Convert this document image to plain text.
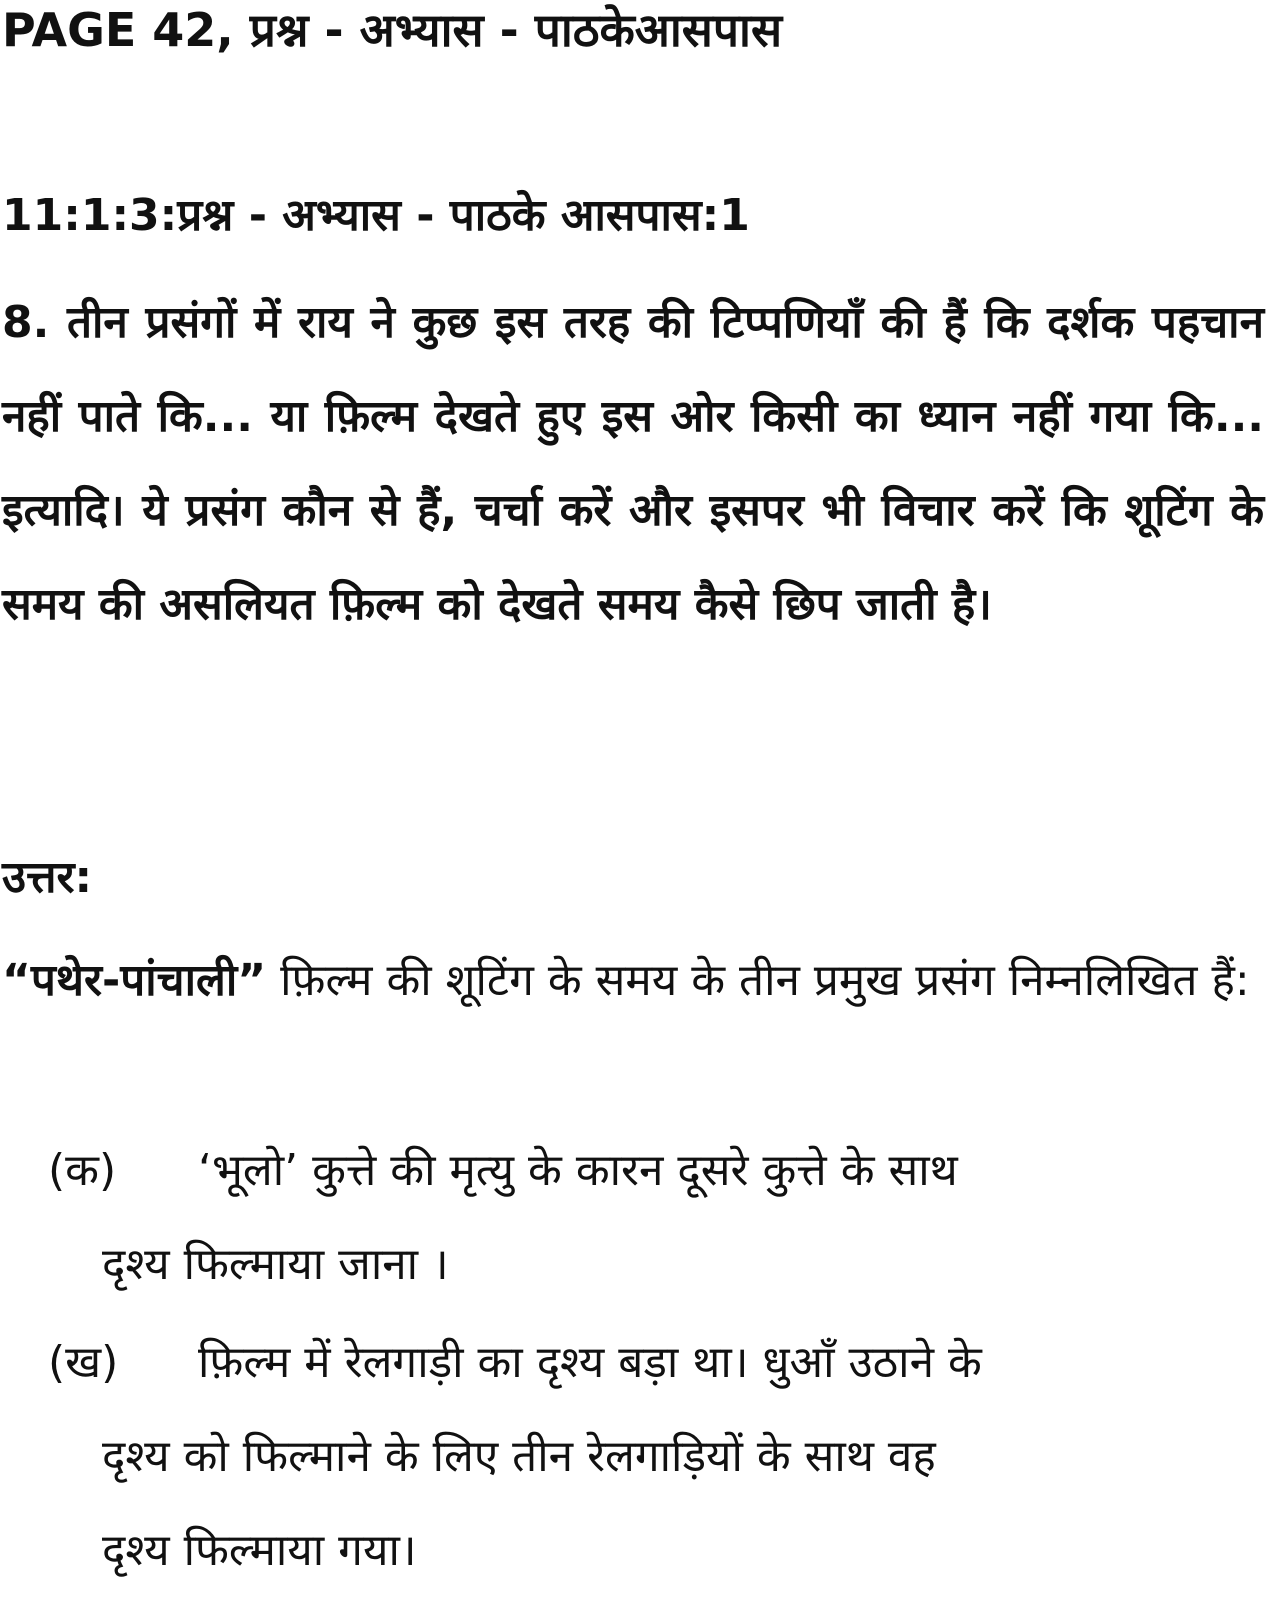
PAGE 42, प्रश्न - अभ्यास - पाठकेआसपास
11:1:3:प्रश्न - अभ्यास - पाठके आसपास:1

8. तीन प्रसंगों में राय ने कुछ इस तरह की टिप्पणियाँ की हैं कि दर्शक पहचान नहीं पाते कि... या फ़िल्म देखते हुए इस ओर किसी का ध्यान नहीं गया कि... इत्यादि। ये प्रसंग कौन से हैं, चर्चा करें और इसपर भी विचार करें कि शूटिंग के समय की असलियत फ़िल्म को देखते समय कैसे छिप जाती है।

उत्तर:

“पथेर-पांचाली” फ़िल्म की शूटिंग के समय के तीन प्रमुख प्रसंग निम्नलिखित हैं:

(क) ‘भूलो’ कुत्ते की मृत्यु के कारन दूसरे कुत्ते के साथ
दृश्य फिल्माया जाना ।
(ख) फ़िल्म में रेलगाड़ी का दृश्य बड़ा था। धुआँ उठाने के
दृश्य को फिल्माने के लिए तीन रेलगाड़ियों के साथ वह
दृश्य फिल्माया गया।
